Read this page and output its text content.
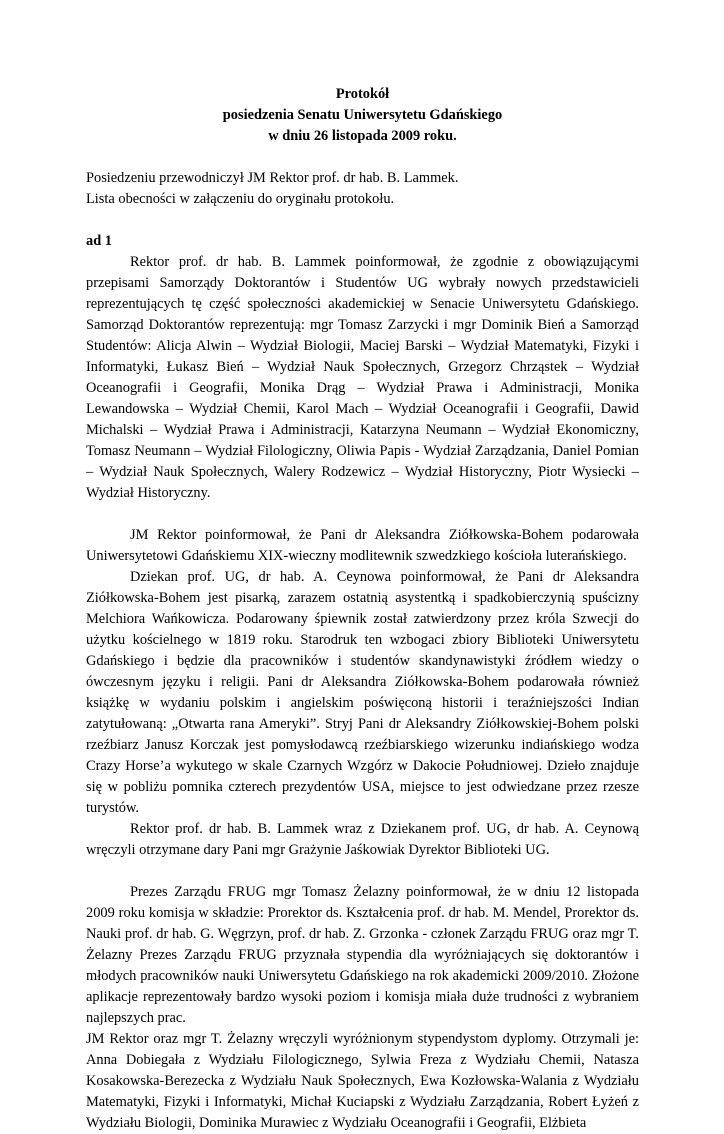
Protokół

posiedzenia Senatu Uniwersytetu Gdańskiego

w dniu 26 listopada 2009 roku.

Posiedzeniu przewodniczył JM Rektor prof. dr hab. B. Lammek.

Lista obecności w załączeniu do oryginału protokołu.

ad 1

Rektor prof. dr hab. B. Lammek poinformował, że zgodnie z obowiązującymi przepisami Samorządy Doktorantów i Studentów UG wybrały nowych przedstawicieli reprezentujących tę część społeczności akademickiej w Senacie Uniwersytetu Gdańskiego. Samorząd Doktorantów reprezentują: mgr Tomasz Zarzycki i mgr Dominik Bień a Samorząd Studentów: Alicja Alwin – Wydział Biologii, Maciej Barski – Wydział Matematyki, Fizyki i Informatyki, Łukasz Bień – Wydział Nauk Społecznych, Grzegorz Chrząstek – Wydział Oceanografii i Geografii, Monika Drąg – Wydział Prawa i Administracji, Monika Lewandowska – Wydział Chemii, Karol Mach – Wydział Oceanografii i Geografii, Dawid Michalski – Wydział Prawa i Administracji, Katarzyna Neumann – Wydział Ekonomiczny, Tomasz Neumann – Wydział Filologiczny, Oliwia Papis - Wydział Zarządzania, Daniel Pomian – Wydział Nauk Społecznych, Walery Rodzewicz – Wydział Historyczny, Piotr Wysiecki – Wydział Historyczny.

JM Rektor poinformował, że Pani dr Aleksandra Ziółkowska-Bohem podarowała Uniwersytetowi Gdańskiemu XIX-wieczny modlitewnik szwedzkiego kościoła luterańskiego.

Dziekan prof. UG, dr hab. A. Ceynowa poinformował, że Pani dr Aleksandra Ziółkowska-Bohem jest pisarką, zarazem ostatnią asystentką i spadkobierczynią spuścizny Melchiora Wańkowicza. Podarowany śpiewnik został zatwierdzony przez króla Szwecji do użytku kościelnego w 1819 roku. Starodruk ten wzbogaci zbiory Biblioteki Uniwersytetu Gdańskiego i będzie dla pracowników i studentów skandynawistyki źródłem wiedzy o ówczesnym języku i religii. Pani dr Aleksandra Ziółkowska-Bohem podarowała również książkę w wydaniu polskim i angielskim poświęconą historii i teraźniejszości Indian zatytułowaną: „Otwarta rana Ameryki”. Stryj Pani dr Aleksandry Ziółkowskiej-Bohem polski rzeźbiarz Janusz Korczak jest pomysłodawcą rzeźbiarskiego wizerunku indiańskiego wodza Crazy Horse’a wykutego w skale Czarnych Wzgórz w Dakocie Południowej. Dzieło znajduje się w pobliżu pomnika czterech prezydentów USA, miejsce to jest odwiedzane przez rzesze turystów.

Rektor prof. dr hab. B. Lammek wraz z Dziekanem prof. UG, dr hab. A. Ceynową wręczyli otrzymane dary Pani mgr Grażynie Jaśkowiak Dyrektor Biblioteki UG.

Prezes Zarządu FRUG mgr Tomasz Żelazny poinformował, że w dniu 12 listopada 2009 roku komisja w składzie: Prorektor ds. Kształcenia prof. dr hab. M. Mendel, Prorektor ds. Nauki prof. dr hab. G. Węgrzyn, prof. dr hab. Z. Grzonka - członek Zarządu FRUG oraz mgr T. Żelazny Prezes Zarządu FRUG przyznała stypendia dla wyróżniających się doktorantów i młodych pracowników nauki Uniwersytetu Gdańskiego na rok akademicki 2009/2010. Złożone aplikacje reprezentowały bardzo wysoki poziom i komisja miała duże trudności z wybraniem najlepszych prac.

JM Rektor oraz mgr T. Żelazny wręczyli wyróżnionym stypendystom dyplomy. Otrzymali je: Anna Dobiegała z Wydziału Filologicznego, Sylwia Freza z Wydziału Chemii, Natasza Kosakowska-Berezecka z Wydziału Nauk Społecznych, Ewa Kozłowska-Walania z Wydziału Matematyki, Fizyki i Informatyki, Michał Kuciapski z Wydziału Zarządzania, Robert Łyżeń z Wydziału Biologii, Dominika Murawiec z Wydziału Oceanografii i Geografii, Elżbieta
